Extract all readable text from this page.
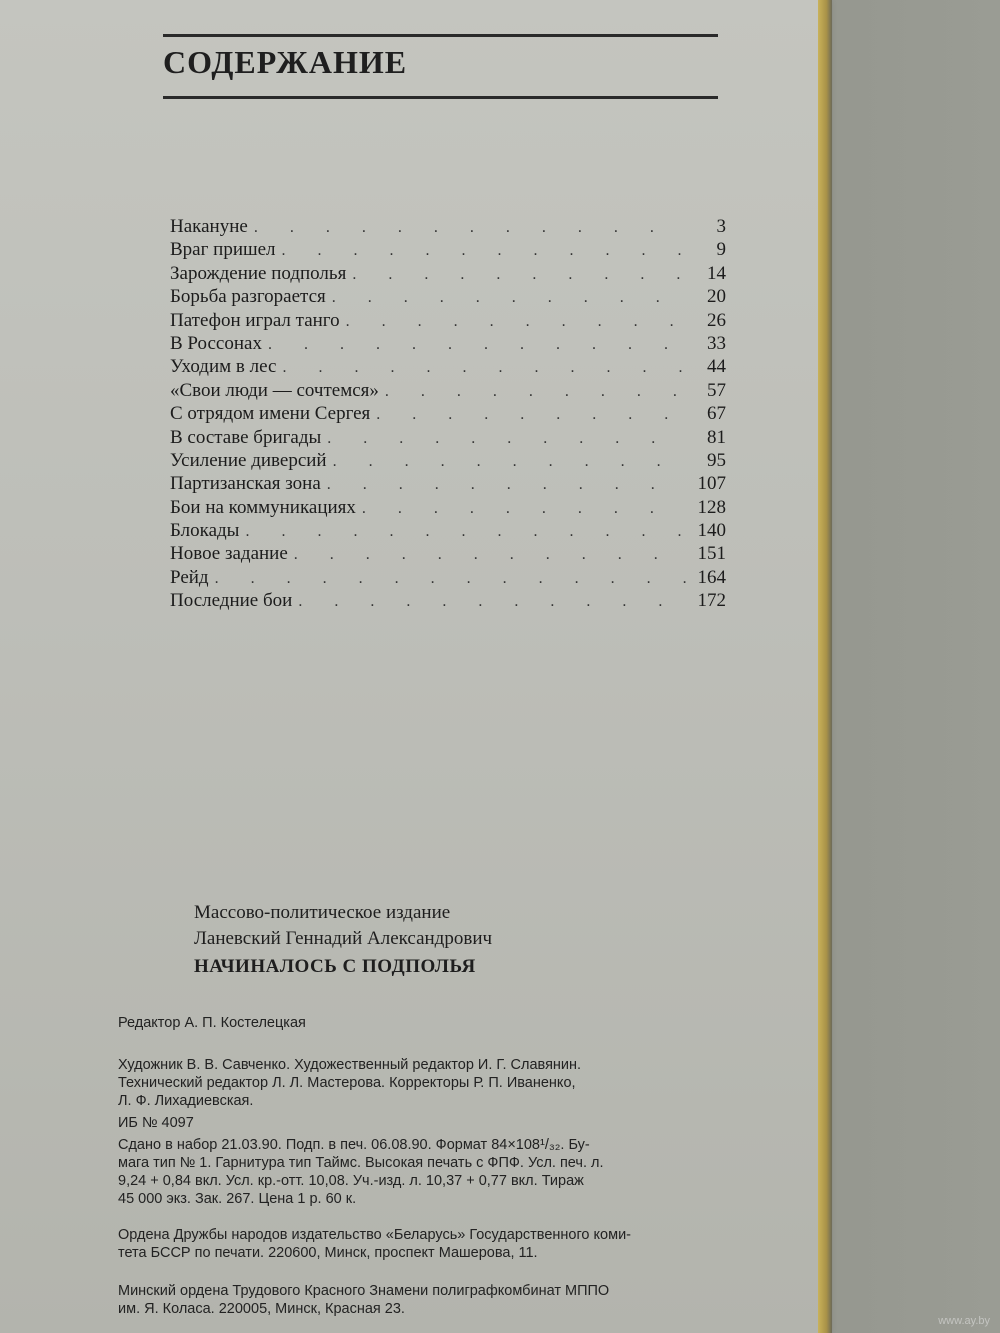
СОДЕРЖАНИЕ
Накануне . . .	3
Враг пришел . . .	9
Зарождение подполья . . .	14
Борьба разгорается . . .	20
Патефон играл танго . . .	26
В Россонах . . .	33
Уходим в лес . . .	44
«Свои люди — сочтемся» . . .	57
С отрядом имени Сергея . . .	67
В составе бригады . . .	81
Усиление диверсий . . .	95
Партизанская зона . . .	107
Бои на коммуникациях . . .	128
Блокады . . .	140
Новое задание . . .	151
Рейд . . .	164
Последние бои . . .	172
Массово-политическое издание
Ланевский Геннадий Александрович
НАЧИНАЛОСЬ С ПОДПОЛЬЯ

Редактор А. П. Костелецкая

Художник В. В. Савченко. Художественный редактор И. Г. Славянин.

Технический редактор Л. Л. Мастерова. Корректоры Р. П. Иваненко,

Л. Ф. Лихадиевская.

ИБ № 4097

Сдано в набор 21.03.90. Подп. в печ. 06.08.90. Формат 84×108¹/₃₂. Бу-

мага тип № 1. Гарнитура тип Таймс. Высокая печать с ФПФ. Усл. печ. л.

9,24 + 0,84 вкл. Усл. кр.-отт. 10,08. Уч.-изд. л. 10,37 + 0,77 вкл. Тираж

45 000 экз. Зак. 267. Цена 1 р. 60 к.

Ордена Дружбы народов издательство «Беларусь» Государственного коми-

тета БССР по печати. 220600, Минск, проспект Машерова, 11.

Минский ордена Трудового Красного Знамени полиграфкомбинат МППО

им. Я. Коласа. 220005, Минск, Красная 23.

www.ay.by
